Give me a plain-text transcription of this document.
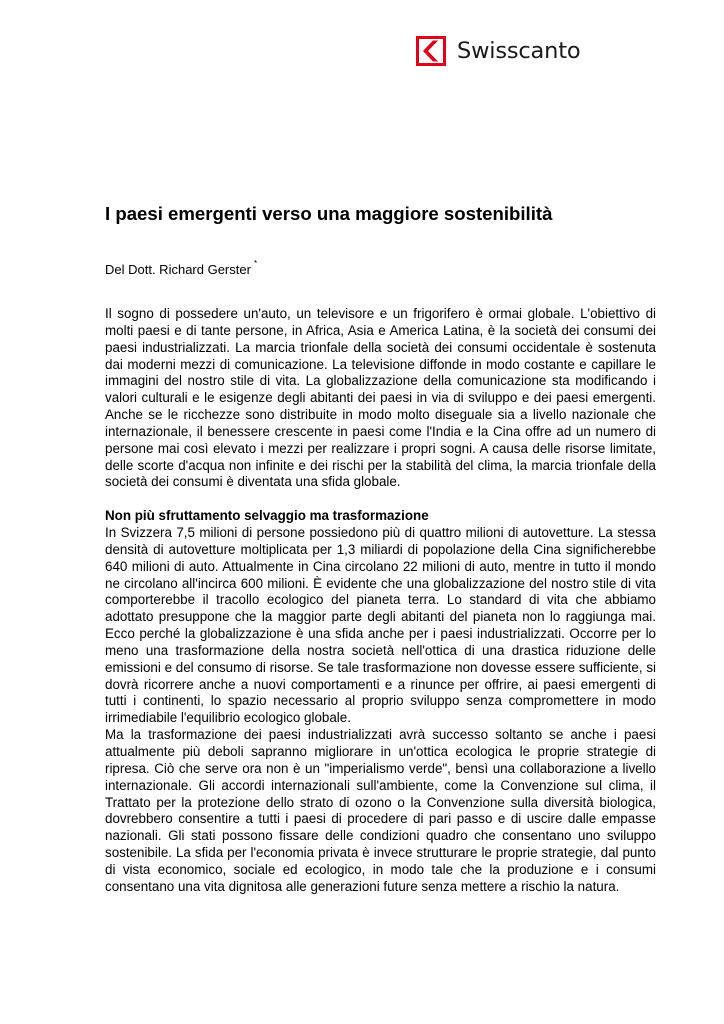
Swisscanto
I paesi emergenti verso una maggiore sostenibilità
Del Dott. Richard Gerster *

Il sogno di possedere un'auto, un televisore e un frigorifero è ormai globale. L'obiettivo di molti paesi e di tante persone, in Africa, Asia e America Latina, è la società dei consumi dei paesi industrializzati. La marcia trionfale della società dei consumi occidentale è sostenuta dai moderni mezzi di comunicazione. La televisione diffonde in modo costante e capillare le immagini del nostro stile di vita. La globalizzazione della comunicazione sta modificando i valori culturali e le esigenze degli abitanti dei paesi in via di sviluppo e dei paesi emergenti. Anche se le ricchezze sono distribuite in modo molto diseguale sia a livello nazionale che internazionale, il benessere crescente in paesi come l'India e la Cina offre ad un numero di persone mai così elevato i mezzi per realizzare i propri sogni. A causa delle risorse limitate, delle scorte d'acqua non infinite e dei rischi per la stabilità del clima, la marcia trionfale della società dei consumi è diventata una sfida globale.

Non più sfruttamento selvaggio ma trasformazione

In Svizzera 7,5 milioni di persone possiedono più di quattro milioni di autovetture. La stessa densità di autovetture moltiplicata per 1,3 miliardi di popolazione della Cina significherebbe 640 milioni di auto. Attualmente in Cina circolano 22 milioni di auto, mentre in tutto il mondo ne circolano all'incirca 600 milioni. È evidente che una globalizzazione del nostro stile di vita comporterebbe il tracollo ecologico del pianeta terra. Lo standard di vita che abbiamo adottato presuppone che la maggior parte degli abitanti del pianeta non lo raggiunga mai. Ecco perché la globalizzazione è una sfida anche per i paesi industrializzati. Occorre per lo meno una trasformazione della nostra società nell'ottica di una drastica riduzione delle emissioni e del consumo di risorse. Se tale trasformazione non dovesse essere sufficiente, si dovrà ricorrere anche a nuovi comportamenti e a rinunce per offrire, ai paesi emergenti di tutti i continenti, lo spazio necessario al proprio sviluppo senza compromettere in modo irrimediabile l'equilibrio ecologico globale.

Ma la trasformazione dei paesi industrializzati avrà successo soltanto se anche i paesi attualmente più deboli sapranno migliorare in un'ottica ecologica le proprie strategie di ripresa. Ciò che serve ora non è un "imperialismo verde", bensì una collaborazione a livello internazionale. Gli accordi internazionali sull'ambiente, come la Convenzione sul clima, il Trattato per la protezione dello strato di ozono o la Convenzione sulla diversità biologica, dovrebbero consentire a tutti i paesi di procedere di pari passo e di uscire dalle empasse nazionali. Gli stati possono fissare delle condizioni quadro che consentano uno sviluppo sostenibile. La sfida per l'economia privata è invece strutturare le proprie strategie, dal punto di vista economico, sociale ed ecologico, in modo tale che la produzione e i consumi consentano una vita dignitosa alle generazioni future senza mettere a rischio la natura.
